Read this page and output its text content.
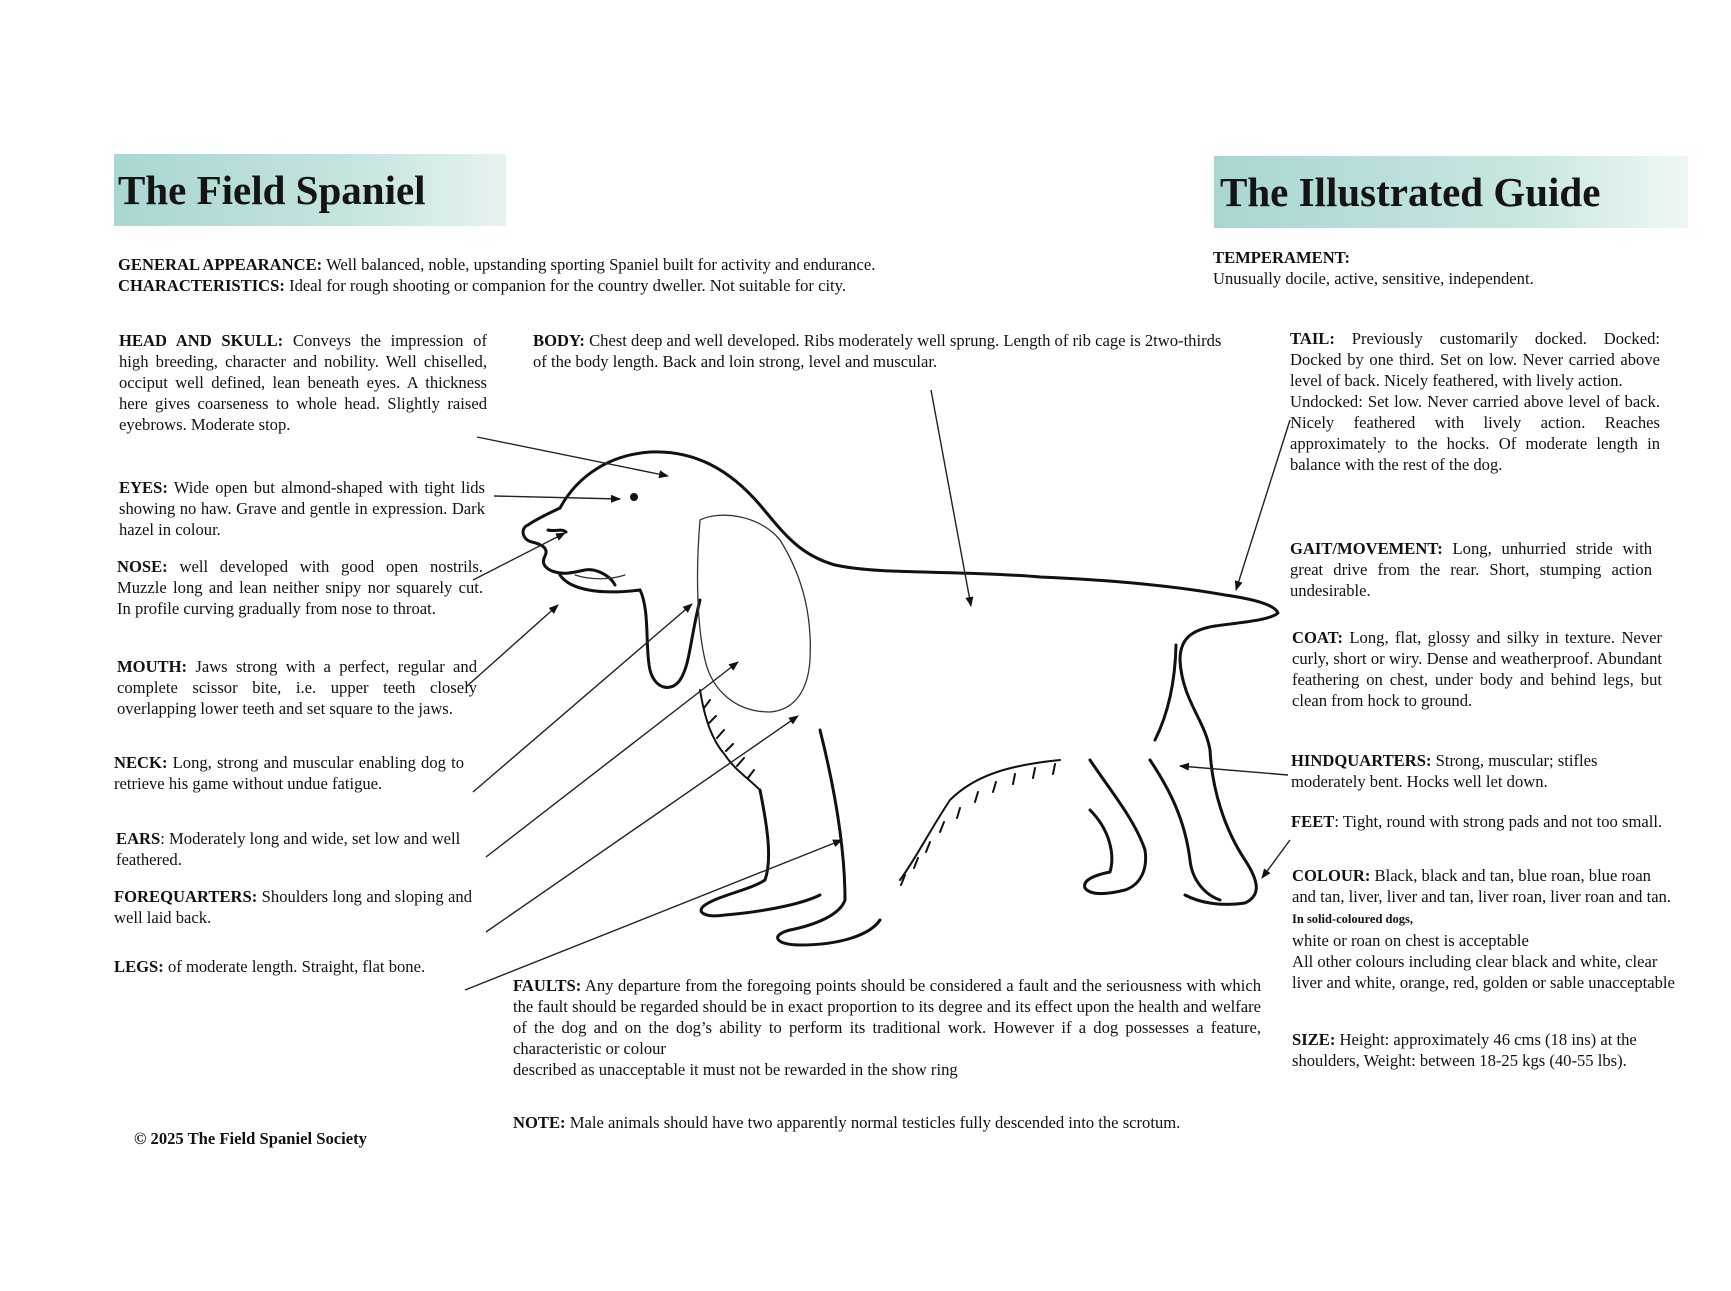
The Field Spaniel	The Illustrated Guide

GENERAL APPEARANCE: Well balanced, noble, upstanding sporting Spaniel built for activity and endurance.
CHARACTERISTICS: Ideal for rough shooting or companion for the country dweller. Not suitable for city.

TEMPERAMENT:
Unusually docile, active, sensitive, independent.

HEAD AND SKULL: Conveys the impression of high breeding, character and nobility. Well chiselled, occiput well defined, lean beneath eyes. A thickness here gives coarseness to whole head. Slightly raised eyebrows. Moderate stop.

EYES: Wide open but almond-shaped with tight lids showing no haw. Grave and gentle in expression. Dark hazel in colour.

NOSE: well developed with good open nostrils. Muzzle long and lean neither snipy nor squarely cut. In profile curving gradually from nose to throat.

MOUTH: Jaws strong with a perfect, regular and complete scissor bite, i.e. upper teeth closely overlapping lower teeth and set square to the jaws.

NECK: Long, strong and muscular enabling dog to retrieve his game without undue fatigue.

EARS: Moderately long and wide, set low and well feathered.

FOREQUARTERS: Shoulders long and sloping and well laid back.

LEGS: of moderate length. Straight, flat bone.

BODY: Chest deep and well developed. Ribs moderately well sprung. Length of rib cage is 2two-thirds of the body length. Back and loin strong, level and muscular.

TAIL: Previously customarily docked. Docked: Docked by one third. Set on low. Never carried above level of back. Nicely feathered, with lively action.
Undocked: Set low. Never carried above level of back. Nicely feathered with lively action. Reaches approximately to the hocks. Of moderate length in balance with the rest of the dog.

GAIT/MOVEMENT: Long, unhurried stride with great drive from the rear. Short, stumping action undesirable.

COAT: Long, flat, glossy and silky in texture. Never curly, short or wiry. Dense and weatherproof. Abundant feathering on chest, under body and behind legs, but clean from hock to ground.

HINDQUARTERS: Strong, muscular; stifles moderately bent. Hocks well let down.

FEET: Tight, round with strong pads and not too small.

COLOUR: Black, black and tan, blue roan, blue roan and tan, liver, liver and tan, liver roan, liver roan and tan. In solid-coloured dogs,
white or roan on chest is acceptable
All other colours including clear black and white, clear liver and white, orange, red, golden or sable unacceptable

SIZE: Height: approximately 46 cms (18 ins) at the shoulders, Weight: between 18-25 kgs (40-55 lbs).

FAULTS: Any departure from the foregoing points should be considered a fault and the seriousness with which the fault should be regarded should be in exact proportion to its degree and its effect upon the health and welfare of the dog and on the dog’s ability to perform its traditional work. However if a dog possesses a feature, characteristic or colour
described as unacceptable it must not be rewarded in the show ring

NOTE: Male animals should have two apparently normal testicles fully descended into the scrotum.

© 2025 The Field Spaniel Society
